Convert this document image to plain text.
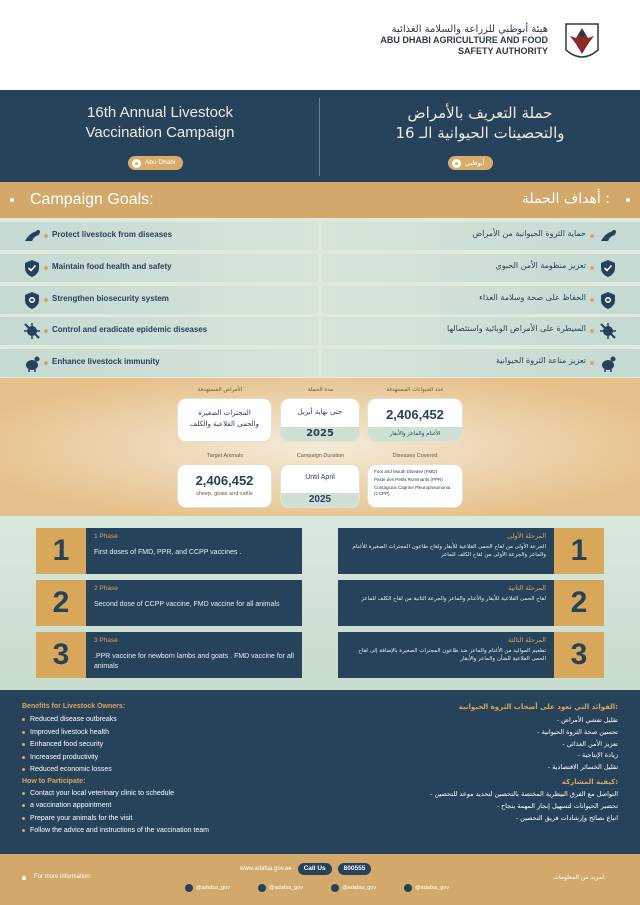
هيئة أبوظبي للزراعة والسلامة الغذائية
ABU DHABI AGRICULTURE AND FOOD
SAFETY AUTHORITY
16th Annual Livestock
Vaccination Campaign
حملة التعريف بالأمراض
والتحصينات الحيوانية الـ 16
Abu Dhabi	أبوظبي
Campaign Goals:	أهداف الحملة :
Protect livestock from diseases	حماية الثروة الحيوانية من الأمراض
Maintain food health and safety	تعزيز منظومة الأمن الحيوي
Strengthen biosecurity system	الحفاظ على صحة وسلامة الغذاء
Control and eradicate epidemic diseases	السيطرة على الأمراض الوبائية واستئصالها
Enhance livestock immunity	تعزيز مناعة الثروة الحيوانية
الأمراض المستهدفة
المجترات الصغيرة
والحمى القلاعية والكلف
مدة الحملة
حتى نهاية أبريل
2025
عدد الحيوانات المستهدفة
2,406,452
الأغنام والماعز والأبقار
Target Animals
2,406,452
sheep, goats and cattle
Campaign Duration
Until April
2025
Diseases Covered
Foot and Mouth Disease (FMD)
Peste des Petits Ruminants (PPR)
Contagious Caprine Pleuropneumonia (CCPP)
1	1 Phase
First doses of FMD, PPR, and CCPP vaccines .
المرحلة الأولى
الجرعة الأولى من لقاح الحمى القلاعية للأبقار ولقاح طاعون المجترات الصغيرة للأغنام والماعز والجرعة الأولى من لقاح الكلف للماعز 1
2	2 Phase
Second dose of CCPP vaccine, FMD vaccine for all animals
المرحلة الثانية
لقاح الحمى القلاعية للأبقار والأغنام والماعز والجرعة الثانية من لقاح الكلف للماعز 2
3	3 Phase
.PPR vaccine for newborn lambs and goats . FMD vaccine for all animals
المرحلة الثالثة
تطعيم المواليد من الأغنام والماعز ضد طاعون المجترات الصغيرة بالإضافة إلى لقاح الحمى القلاعية للضأن والماعز والأبقار 3
Benefits for Livestock Owners:
Reduced disease outbreaks
Improved livestock health
Enhanced food security
Increased productivity
Reduced economic losses
How to Participate:
Contact your local veterinary clinic to schedule
a vaccination appointment
Prepare your animals for the visit
Follow the advice and instructions of the vaccination team
الفوائد التي تعود على أصحاب الثروة الحيوانية:
- تقليل تفشي الأمراض
- تحسين صحة الثروة الحيوانية
- تعزيز الأمن الغذائي
- زيادة الإنتاجية
- تقليل الخسائر الاقتصادية
كيفية المشاركة:
- التواصل مع الفرق البيطرية المختصة بالتحصين لتحديد موعد للتحصين
- تحضير الحيوانات لتسهيل إنجاز المهمة بنجاح
- اتباع نصائح وإرشادات فريق التحصين
For more information:	لمزيد من المعلومات:
www.adafsa.gov.ae	Call Us	800555
@adafsa_gov	@adafsa_gov	@adafsa_gov	@adafsa_gov
